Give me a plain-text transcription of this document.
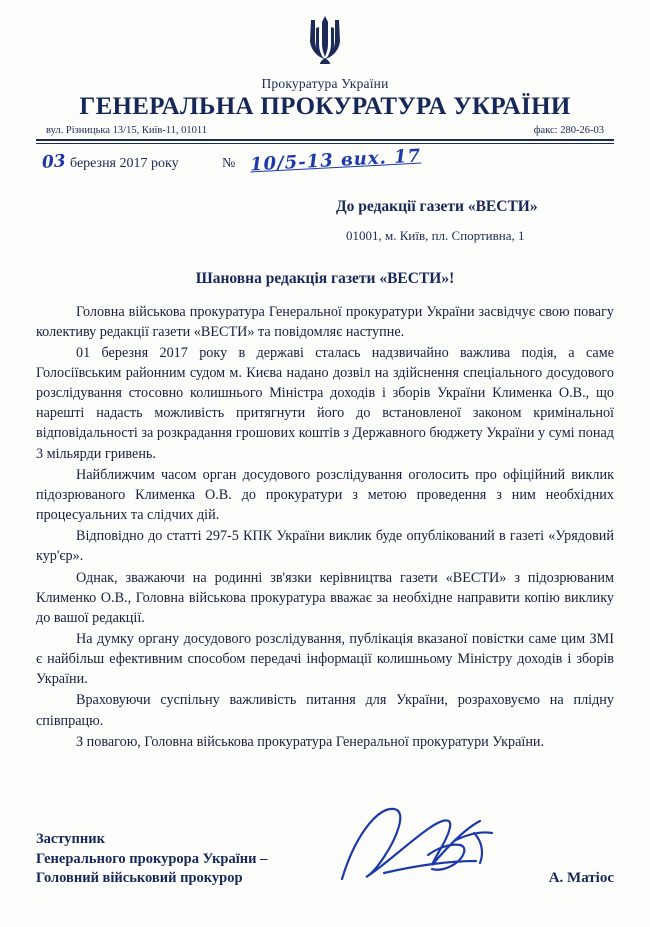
Прокуратура України
ГЕНЕРАЛЬНА ПРОКУРАТУРА УКРАЇНИ
вул. Різницька 13/15, Київ-11, 01011	факс: 280-26-03
03 березня 2017 року	№ 10/5-13 вих. 17
До редакції газети «ВЕСТИ»
01001, м. Київ, пл. Спортивна, 1
Шановна редакція газети «ВЕСТИ»!

Головна військова прокуратура Генеральної прокуратури України засвідчує свою повагу колективу редакції газети «ВЕСТИ» та повідомляє наступне.

01 березня 2017 року в державі сталась надзвичайно важлива подія, а саме Голосіївським районним судом м. Києва надано дозвіл на здійснення спеціального досудового розслідування стосовно колишнього Міністра доходів і зборів України Клименка О.В., що нарешті надасть можливість притягнути його до встановленої законом кримінальної відповідальності за розкрадання грошових коштів з Державного бюджету України у сумі понад 3 мільярди гривень.

Найближчим часом орган досудового розслідування оголосить про офіційний виклик підозрюваного Клименка О.В. до прокуратури з метою проведення з ним необхідних процесуальних та слідчих дій.

Відповідно до статті 297-5 КПК України виклик буде опублікований в газеті «Урядовий кур'єр».

Однак, зважаючи на родинні зв'язки керівництва газети «ВЕСТИ» з підозрюваним Клименко О.В., Головна військова прокуратура вважає за необхідне направити копію виклику до вашої редакції.

На думку органу досудового розслідування, публікація вказаної повістки саме цим ЗМІ є найбільш ефективним способом передачі інформації колишньому Міністру доходів і зборів України.

Враховуючи суспільну важливість питання для України, розраховуємо на плідну співпрацю.

З повагою, Головна військова прокуратура Генеральної прокуратури України.

Заступник
Генерального прокурора України –
Головний військовий прокурор	А. Матіос
